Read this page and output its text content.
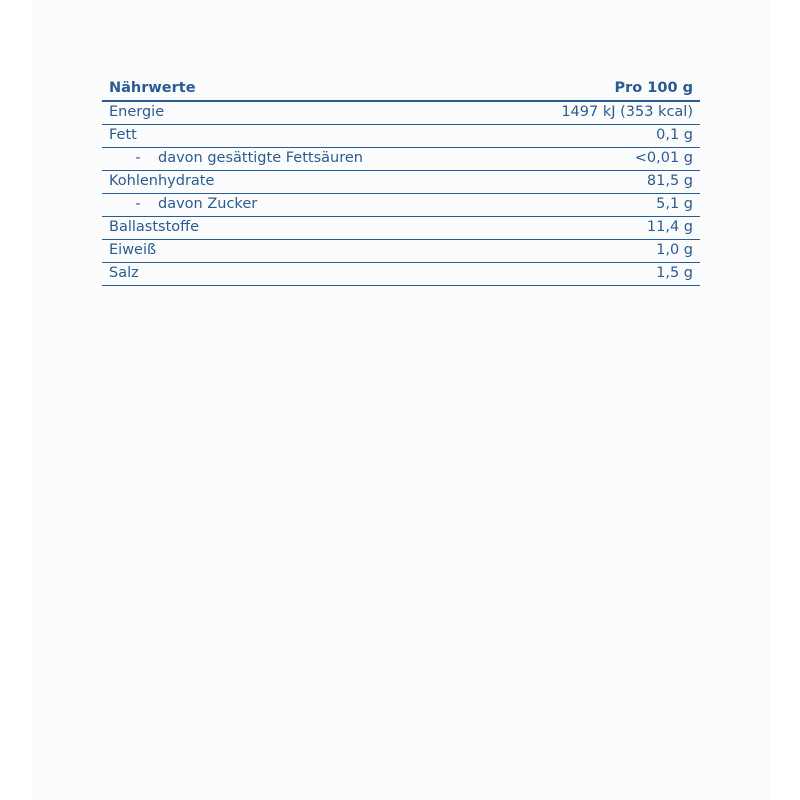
Nährwerte	Pro 100 g
Energie	1497 kJ (353 kcal)
Fett	0,1 g
- davon gesättigte Fettsäuren	<0,01 g
Kohlenhydrate	81,5 g
- davon Zucker	5,1 g
Ballaststoffe	11,4 g
Eiweiß	1,0 g
Salz	1,5 g
